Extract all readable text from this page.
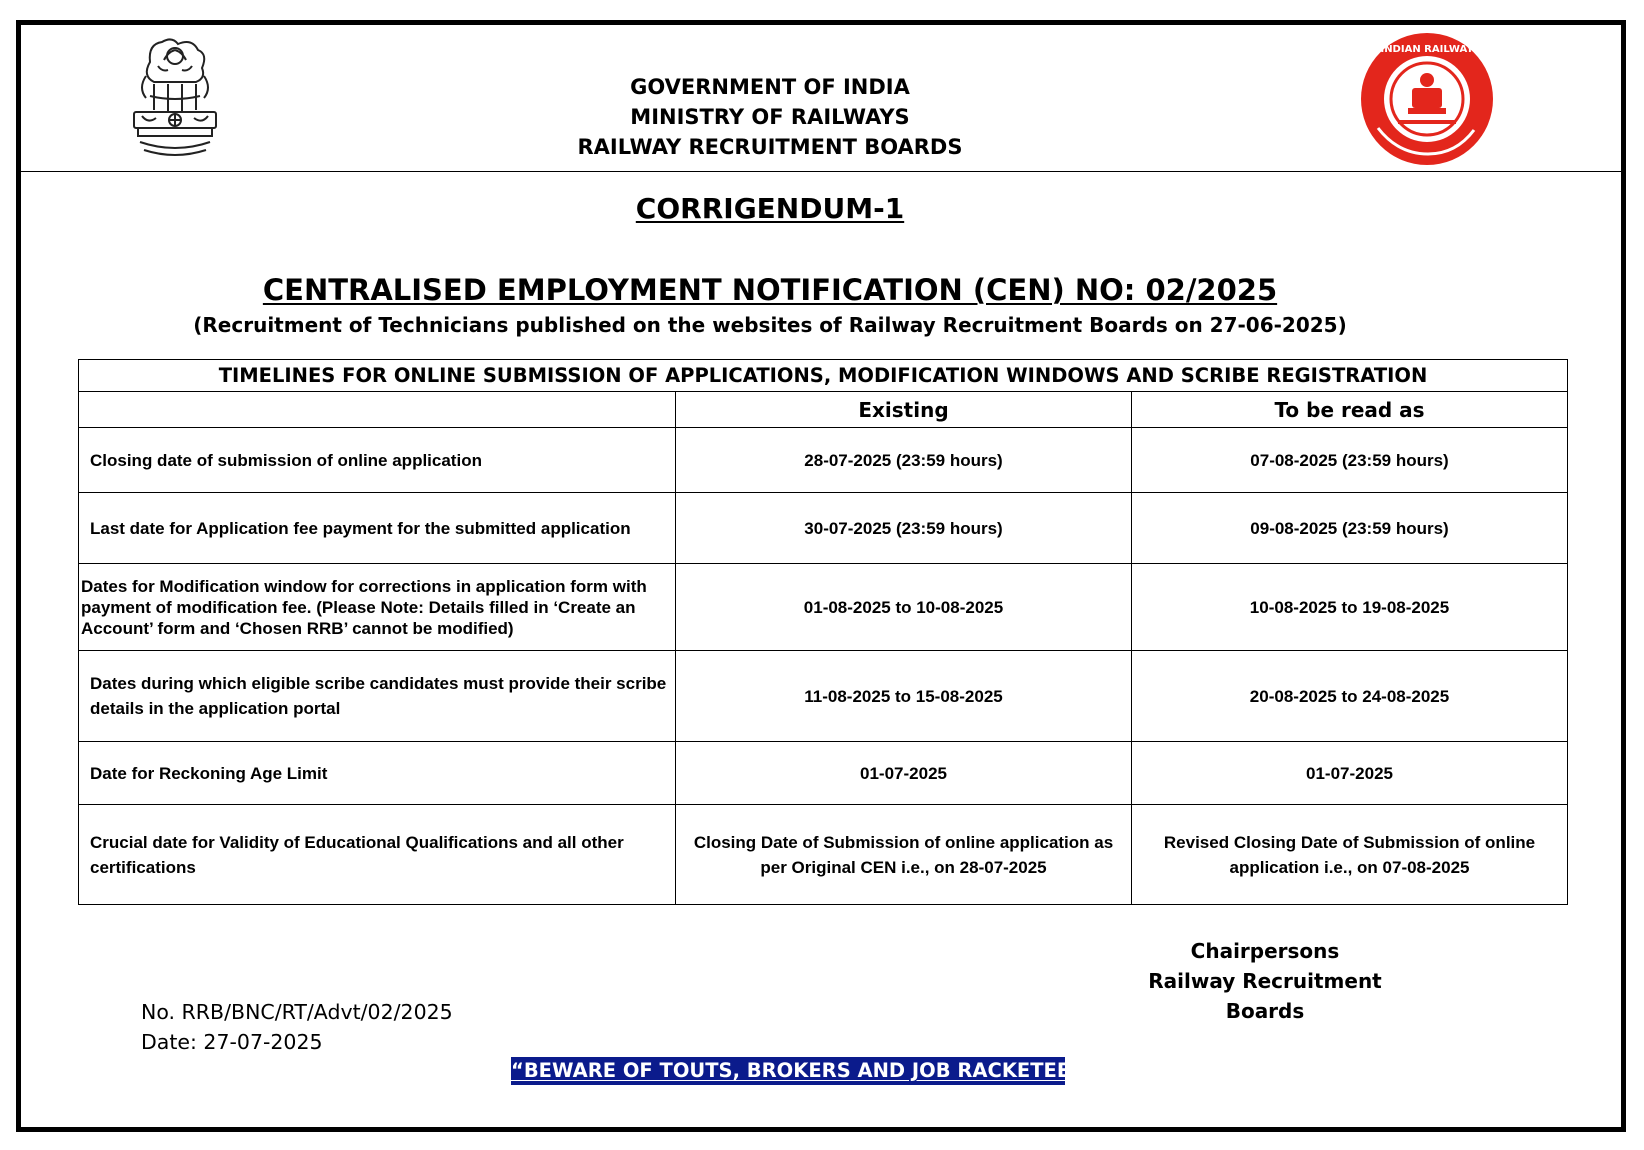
INDIAN RAILWAY
GOVERNMENT OF INDIA
MINISTRY OF RAILWAYS
RAILWAY RECRUITMENT BOARDS
CORRIGENDUM-1
CENTRALISED EMPLOYMENT NOTIFICATION (CEN) NO: 02/2025
(Recruitment of Technicians published on the websites of Railway Recruitment Boards on 27-06-2025)
TIMELINES FOR ONLINE SUBMISSION OF APPLICATIONS, MODIFICATION WINDOWS AND SCRIBE REGISTRATION		
	Existing	To be read as
Closing date of submission of online application	28-07-2025 (23:59 hours)	07-08-2025 (23:59 hours)
Last date for Application fee payment for the submitted application	30-07-2025 (23:59 hours)	09-08-2025 (23:59 hours)
Dates for Modification window for corrections in application form with payment of modification fee. (Please Note: Details filled in ‘Create an Account’ form and ‘Chosen RRB’ cannot be modified)	01-08-2025 to 10-08-2025	10-08-2025 to 19-08-2025
Dates during which eligible scribe candidates must provide their scribe details in the application portal	11-08-2025 to 15-08-2025	20-08-2025 to 24-08-2025
Date for Reckoning Age Limit	01-07-2025	01-07-2025
Crucial date for Validity of Educational Qualifications and all other certifications	Closing Date of Submission of online application as per Original CEN i.e., on 28-07-2025	Revised Closing Date of Submission of online application i.e., on 07-08-2025
Chairpersons
Railway Recruitment Boards
No. RRB/BNC/RT/Advt/02/2025
Date: 27-07-2025
“BEWARE OF TOUTS, BROKERS AND JOB RACKETEERS”
